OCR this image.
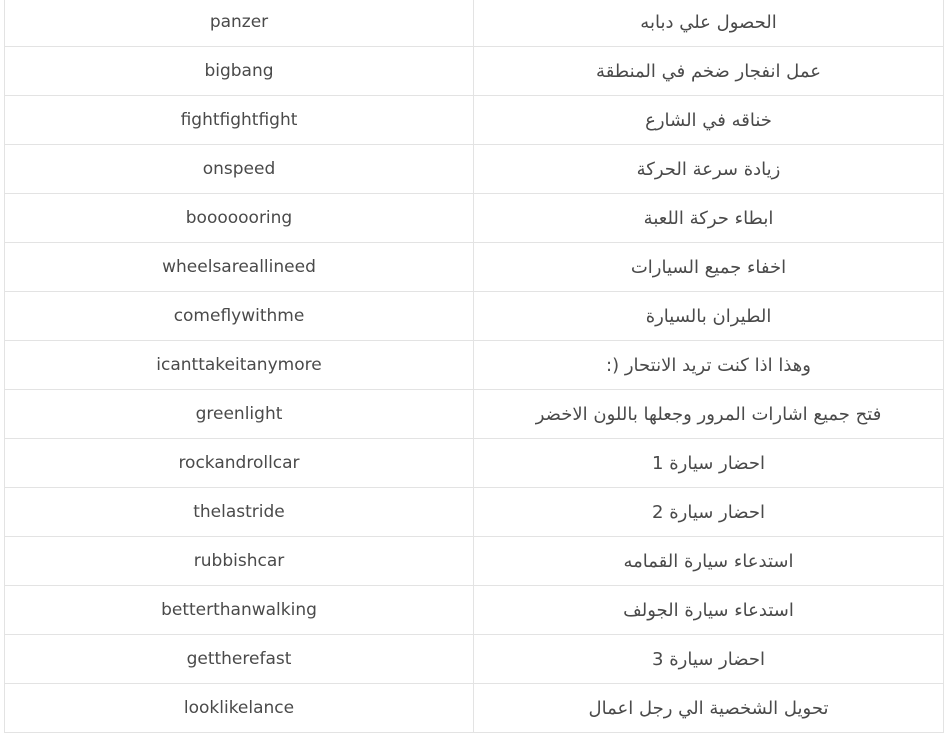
panzer	الحصول علي دبابه
bigbang	عمل انفجار ضخم في المنطقة
fightfightfight	خناقه في الشارع
onspeed	زيادة سرعة الحركة
booooooring	ابطاء حركة اللعبة
wheelsareallineed	اخفاء جميع السيارات
comeflywithme	الطيران بالسيارة
icanttakeitanymore	وهذا اذا كنت تريد الانتحار (:
greenlight	فتح جميع اشارات المرور وجعلها باللون الاخضر
rockandrollcar	احضار سيارة 1
thelastride	احضار سيارة 2
rubbishcar	استدعاء سيارة القمامه
betterthanwalking	استدعاء سيارة الجولف
gettherefast	احضار سيارة 3
looklikelance	تحويل الشخصية الي رجل اعمال
